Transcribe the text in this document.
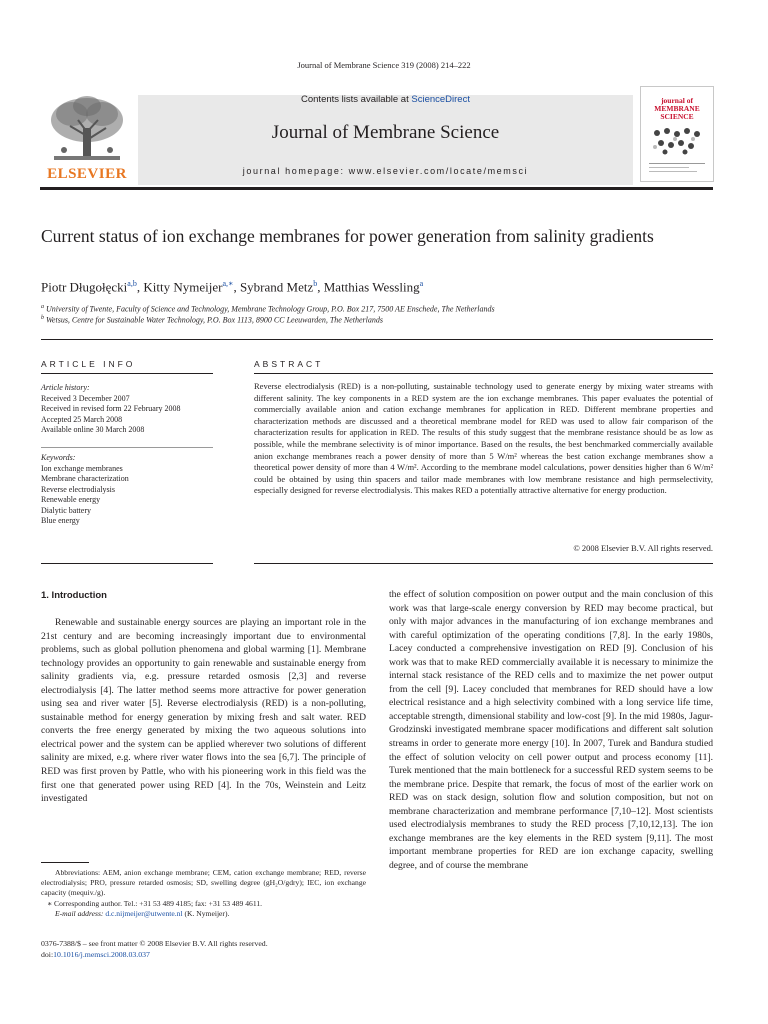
Journal of Membrane Science 319 (2008) 214–222
ELSEVIER
Contents lists available at ScienceDirect
Journal of Membrane Science
journal homepage: www.elsevier.com/locate/memsci
journal of MEMBRANE SCIENCE
Current status of ion exchange membranes for power generation from salinity gradients
Piotr Długołęcki$^{a,b}$, Kitty Nymeijer$^{a,∗}$, Sybrand Metz$^b$, Matthias Wessling$^a$
$^a$ University of Twente, Faculty of Science and Technology, Membrane Technology Group, P.O. Box 217, 7500 AE Enschede, The Netherlands
$^b$ Wetsus, Centre for Sustainable Water Technology, P.O. Box 1113, 8900 CC Leeuwarden, The Netherlands
ARTICLE INFO	ABSTRACT
Article history:
Received 3 December 2007
Received in revised form 22 February 2008
Accepted 25 March 2008
Available online 30 March 2008
Keywords:
Ion exchange membranes
Membrane characterization
Reverse electrodialysis
Renewable energy
Dialytic battery
Blue energy
Reverse electrodialysis (RED) is a non-polluting, sustainable technology used to generate energy by mixing water streams with different salinity. The key components in a RED system are the ion exchange membranes. This paper evaluates the potential of commercially available anion and cation exchange membranes for application in RED. Different membrane properties and characterization methods are discussed and a theoretical membrane model for RED was used to allow fair comparison of the characterization results for application in RED. The results of this study suggest that the membrane resistance should be as low as possible, while the membrane selectivity is of minor importance. Based on the results, the best benchmarked commercially available anion exchange membranes reach a power density of more than 5 W/m² whereas the best cation exchange membranes show a theoretical power density of more than 4 W/m². According to the membrane model calculations, power densities higher than 6 W/m² could be obtained by using thin spacers and tailor made membranes with low membrane resistance and high permselectivity, especially designed for reverse electrodialysis. This makes RED a potentially attractive alternative for energy production.
© 2008 Elsevier B.V. All rights reserved.
1. Introduction

Renewable and sustainable energy sources are playing an important role in the 21st century and are becoming increasingly important due to environmental problems, such as global pollution phenomena and global warming [1]. Membrane technology provides an opportunity to gain renewable and sustainable energy from salinity gradients via, e.g. pressure retarded osmosis [2,3] and reverse electrodialysis [4]. The latter method seems more attractive for power generation using sea and river water [5]. Reverse electrodialysis (RED) is a non-polluting, sustainable method for energy generation by mixing fresh and salt water. RED converts the free energy generated by mixing the two aqueous solutions into electrical power and the system can be applied wherever two solutions of different salinity are mixed, e.g. where river water flows into the sea [6,7]. The principle of RED was first proven by Pattle, who with his pioneering work in this field was the first one that generated power using RED [4]. In the 70s, Weinstein and Leitz investigated

the effect of solution composition on power output and the main conclusion of this work was that large-scale energy conversion by RED may become practical, but only with major advances in the manufacturing of ion exchange membranes and with careful optimization of the operating conditions [7,8]. In the early 1980s, Lacey conducted a comprehensive investigation on RED [9]. Conclusion of his work was that to make RED commercially available it is necessary to minimize the internal stack resistance of the RED cells and to maximize the net power output from the cell [9]. Lacey concluded that membranes for RED should have a low electrical resistance and a high selectivity combined with a long service life time, acceptable strength, dimensional stability and low-cost [9]. In the mid 1980s, Jagur-Grodzinski investigated membrane spacer modifications and different salt solution streams in order to generate more energy [10]. In 2007, Turek and Bandura studied the effect of solution velocity on cell power output and process economy [11]. Turek mentioned that the main bottleneck for a successful RED system seems to be the membrane price. Despite that remark, the focus of most of the earlier work on RED was on stack design, solution flow and solution composition, but not on membrane characterization and membrane performance [7,10–12]. Most scientists used electrodialysis membranes to study the RED process [7,10,12,13]. The ion exchange membranes are the key elements in the RED system [9,11]. The most important membrane properties for RED are ion exchange capacity, swelling degree, and of course the membrane

Abbreviations: AEM, anion exchange membrane; CEM, cation exchange membrane; RED, reverse electrodialysis; PRO, pressure retarded osmosis; SD, swelling degree (gH₂O/gdry); IEC, ion exchange capacity (mequiv./g).

∗ Corresponding author. Tel.: +31 53 489 4185; fax: +31 53 489 4611.

E-mail address: d.c.nijmeijer@utwente.nl (K. Nymeijer).

0376-7388/$ – see front matter © 2008 Elsevier B.V. All rights reserved.
doi:10.1016/j.memsci.2008.03.037
